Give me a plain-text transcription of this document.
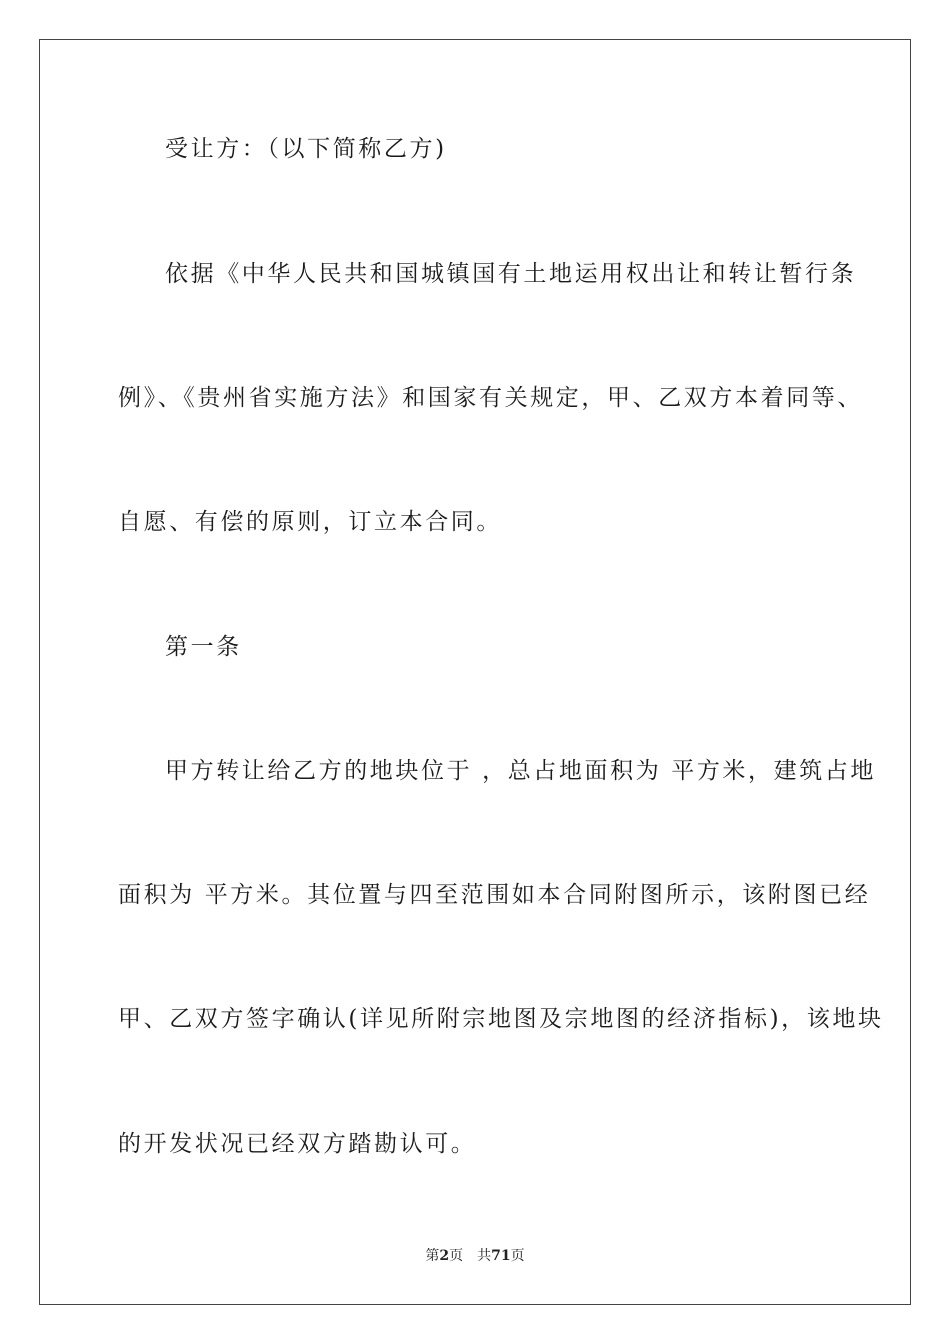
受让方：（以下简称乙方)
依据《中华人民共和国城镇国有土地运用权出让和转让暂行条
例》、《贵州省实施方法》和国家有关规定，甲、乙双方本着同等、
自愿、有偿的原则，订立本合同。
第一条
甲方转让给乙方的地块位于 ，总占地面积为 平方米，建筑占地
面积为 平方米。其位置与四至范围如本合同附图所示，该附图已经
甲、乙双方签字确认(详见所附宗地图及宗地图的经济指标)，该地块
的开发状况已经双方踏勘认可。
第2页 共71页
